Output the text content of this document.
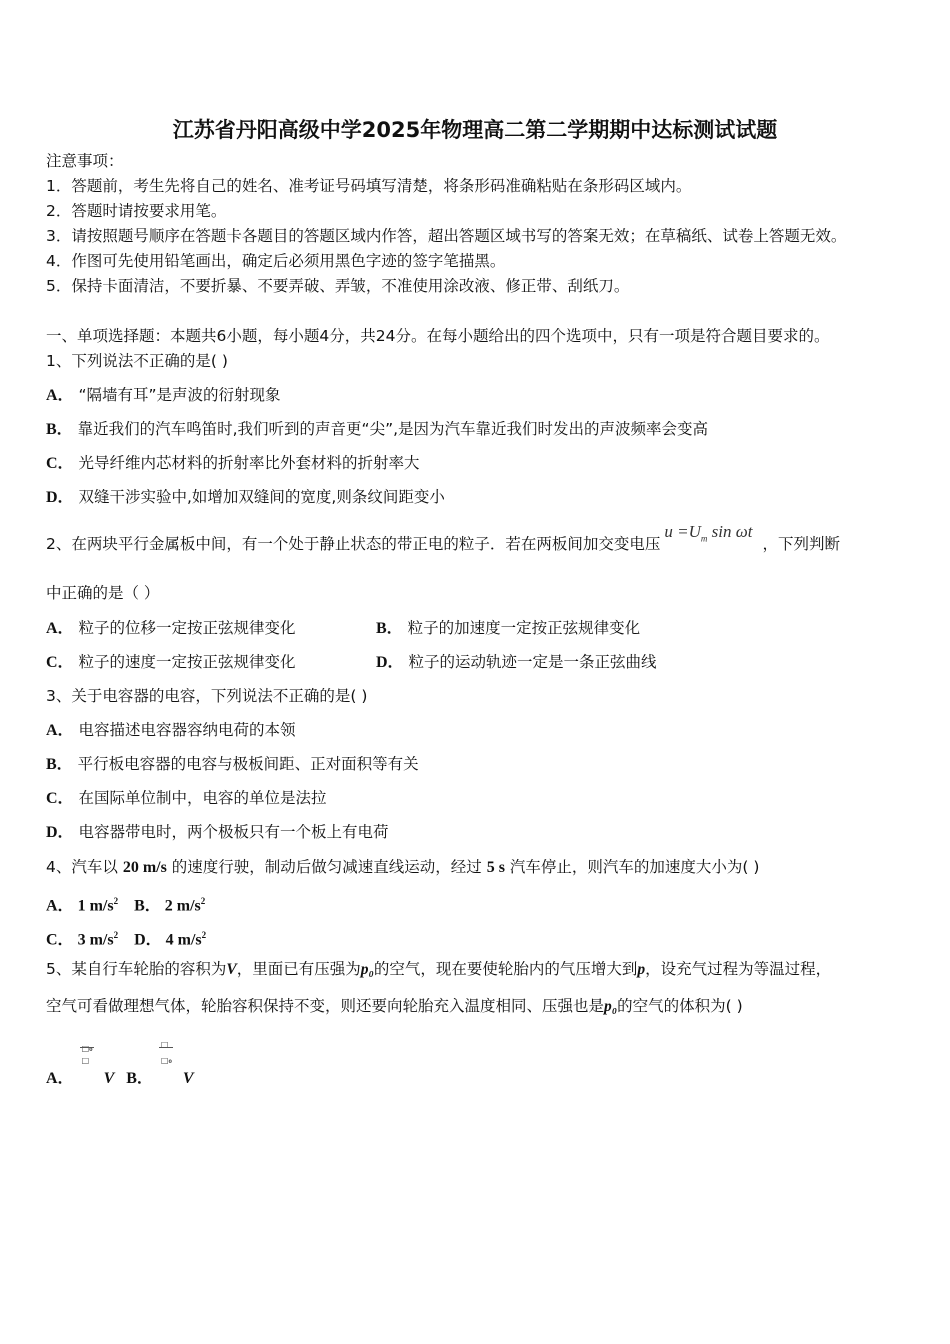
江苏省丹阳高级中学2025年物理高二第二学期期中达标测试试题
注意事项：
1．答题前，考生先将自己的姓名、准考证号码填写清楚，将条形码准确粘贴在条形码区域内。
2．答题时请按要求用笔。
3．请按照题号顺序在答题卡各题目的答题区域内作答，超出答题区域书写的答案无效；在草稿纸、试卷上答题无效。
4．作图可先使用铅笔画出，确定后必须用黑色字迹的签字笔描黑。
5．保持卡面清洁，不要折暴、不要弄破、弄皱，不准使用涂改液、修正带、刮纸刀。
一、单项选择题：本题共6小题，每小题4分，共24分。在每小题给出的四个选项中，只有一项是符合题目要求的。
1、下列说法不正确的是( )
A． “隔墙有耳”是声波的衍射现象
B． 靠近我们的汽车鸣笛时,我们听到的声音更“尖”,是因为汽车靠近我们时发出的声波频率会变高
C． 光导纤维内芯材料的折射率比外套材料的折射率大
D． 双缝干涉实验中,如增加双缝间的宽度,则条纹间距变小
2、在两块平行金属板中间，有一个处于静止状态的带正电的粒子．若在两板间加交变电压$u =U_m$ sin ωt，下列判断
中正确的是（ ）
A． 粒子的位移一定按正弦规律变化	B． 粒子的加速度一定按正弦规律变化
C． 粒子的速度一定按正弦规律变化	D． 粒子的运动轨迹一定是一条正弦曲线
3、关于电容器的电容，下列说法不正确的是( )
A． 电容描述电容器容纳电荷的本领
B． 平行板电容器的电容与极板间距、正对面积等有关
C． 在国际单位制中，电容的单位是法拉
D． 电容器带电时，两个极板只有一个板上有电荷
4、汽车以 20 m/s 的速度行驶，制动后做匀减速直线运动，经过 5 s 汽车停止，则汽车的加速度大小为( )
A． 1 $m/s^2$ B． 2 $m/s^2$
C． 3 $m/s^2$ D． 4 $m/s^2$
5、某自行车轮胎的容积为V，里面已有压强为p₀的空气，现在要使轮胎内的气压增大到p，设充气过程为等温过程，
空气可看做理想气体，轮胎容积保持不变，则还要向轮胎充入温度相同、压强也是p₀的空气的体积为( )
A．
□₀
□
V B． $\frac{□}{\text{□₀}}$ V
